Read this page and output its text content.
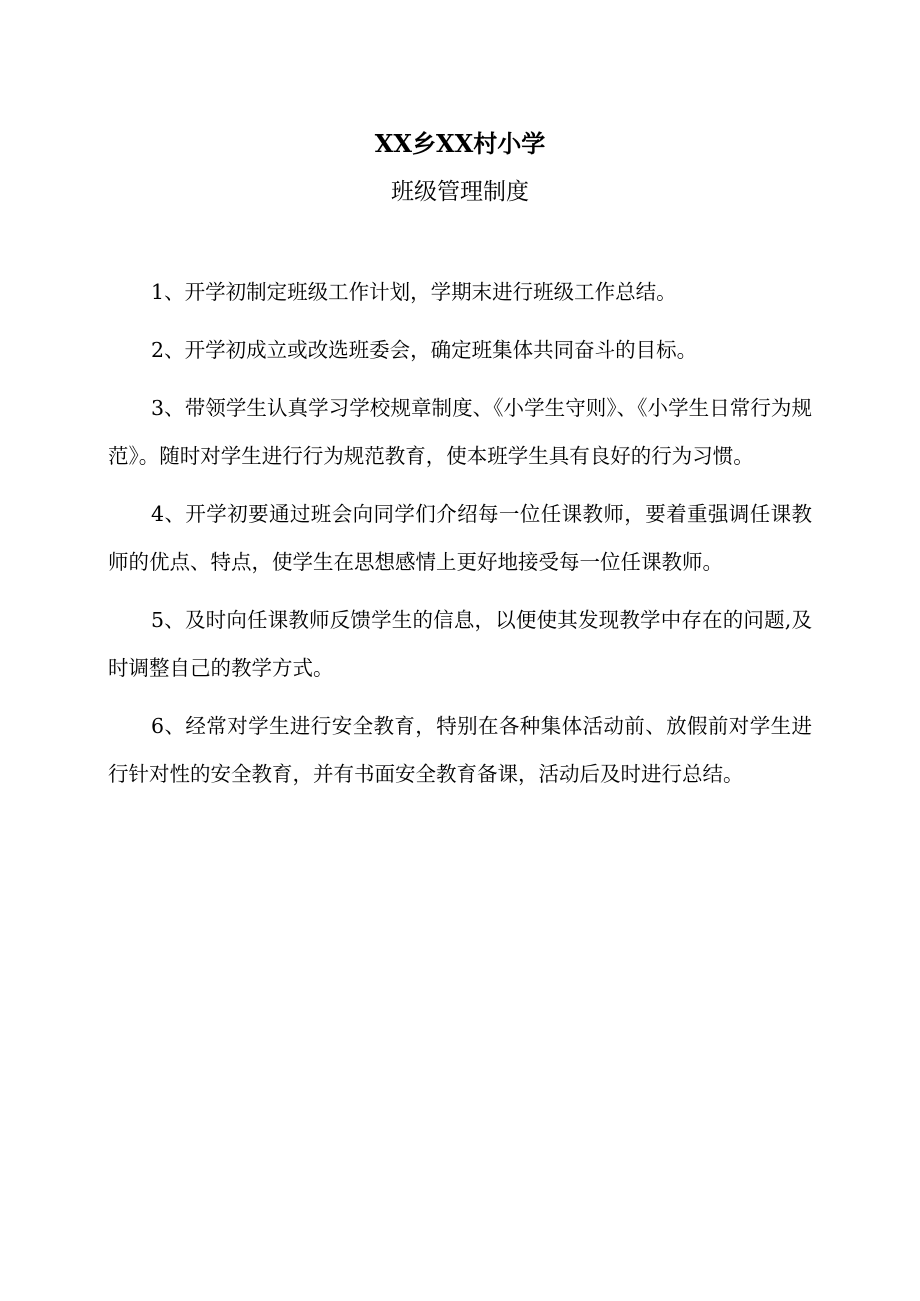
XX乡XX村小学
班级管理制度

1、开学初制定班级工作计划，学期末进行班级工作总结。

2、开学初成立或改选班委会，确定班集体共同奋斗的目标。

3、带领学生认真学习学校规章制度、《小学生守则》、《小学生日常行为规范》。随时对学生进行行为规范教育，使本班学生具有良好的行为习惯。

4、开学初要通过班会向同学们介绍每一位任课教师，要着重强调任课教师的优点、特点，使学生在思想感情上更好地接受每一位任课教师。

5、及时向任课教师反馈学生的信息，以便使其发现教学中存在的问题,及时调整自己的教学方式。

6、经常对学生进行安全教育，特别在各种集体活动前、放假前对学生进行针对性的安全教育，并有书面安全教育备课，活动后及时进行总结。
